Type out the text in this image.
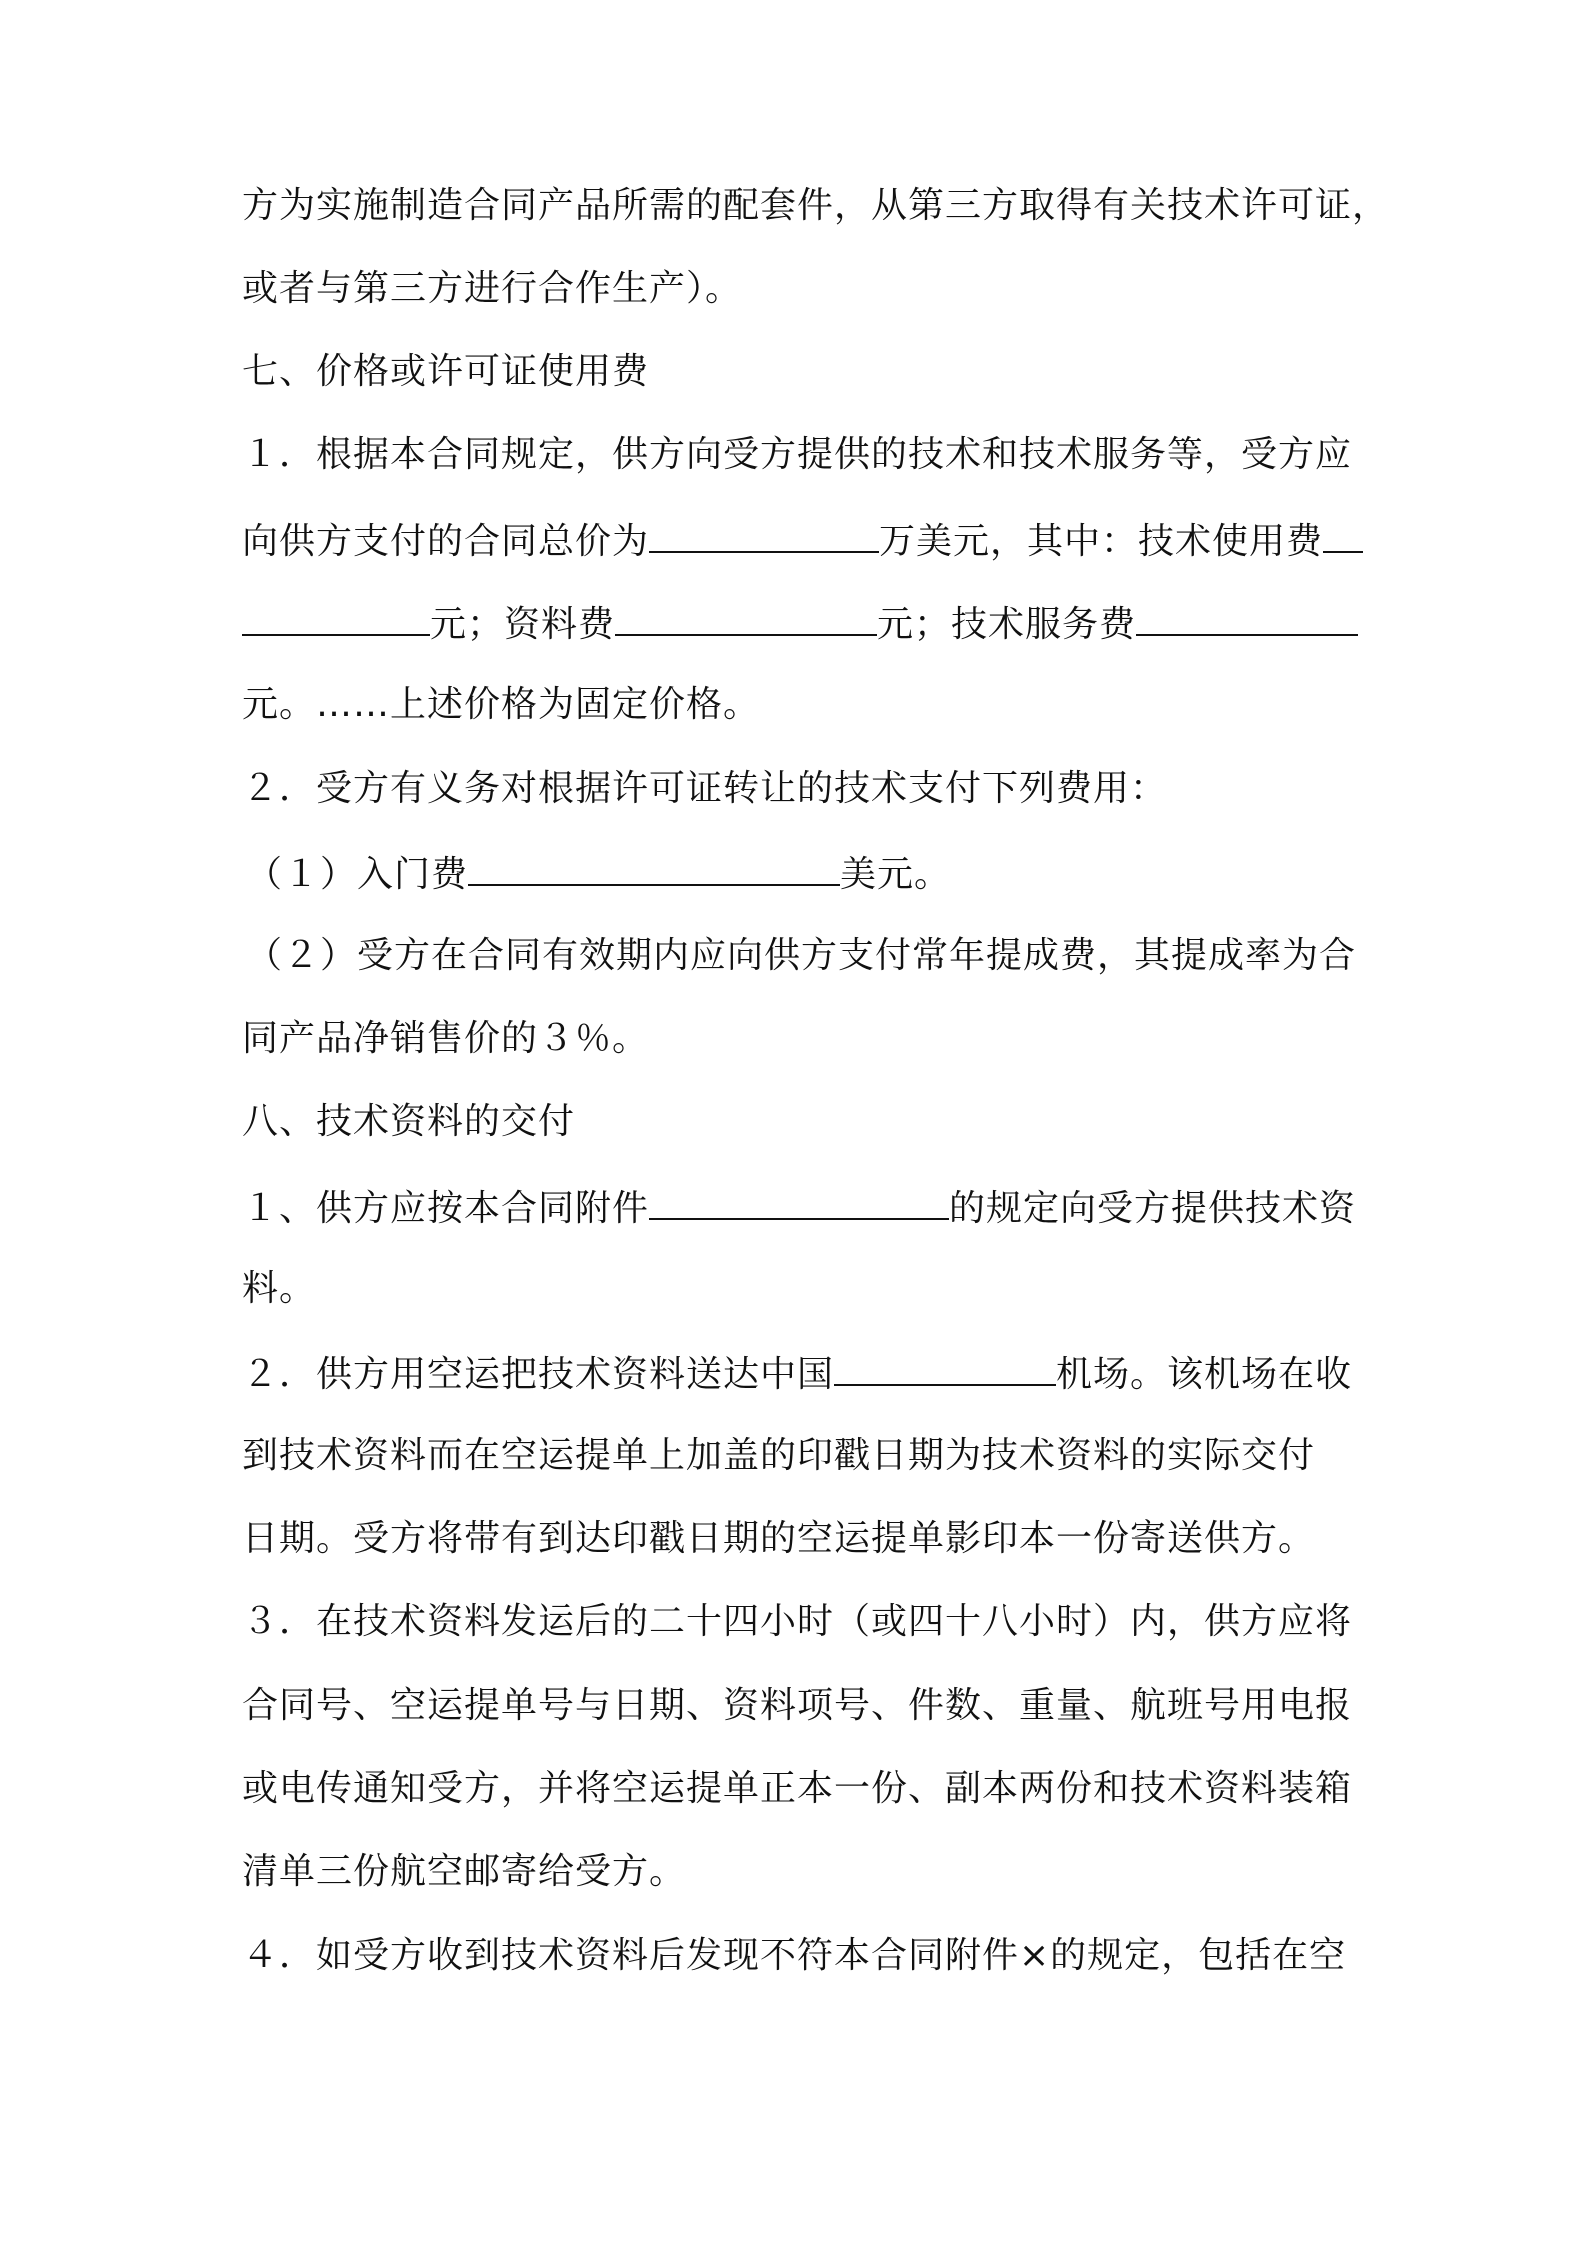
方为实施制造合同产品所需的配套件，从第三方取得有关技术许可证，
或者与第三方进行合作生产）。
七、价格或许可证使用费
１．根据本合同规定，供方向受方提供的技术和技术服务等，受方应
向供方支付的合同总价为	万美元，其中：技术使用费
元；资料费	元；技术服务费
元。……上述价格为固定价格。
２．受方有义务对根据许可证转让的技术支付下列费用：
（１）入门费	美元。
（２）受方在合同有效期内应向供方支付常年提成费，其提成率为合
同产品净销售价的３％。
八、技术资料的交付
１、供方应按本合同附件	的规定向受方提供技术资
料。
２．供方用空运把技术资料送达中国	机场。该机场在收
到技术资料而在空运提单上加盖的印戳日期为技术资料的实际交付
日期。受方将带有到达印戳日期的空运提单影印本一份寄送供方。
３．在技术资料发运后的二十四小时（或四十八小时）内，供方应将
合同号、空运提单号与日期、资料项号、件数、重量、航班号用电报
或电传通知受方，并将空运提单正本一份、副本两份和技术资料装箱
清单三份航空邮寄给受方。
４．如受方收到技术资料后发现不符本合同附件×的规定，包括在空
